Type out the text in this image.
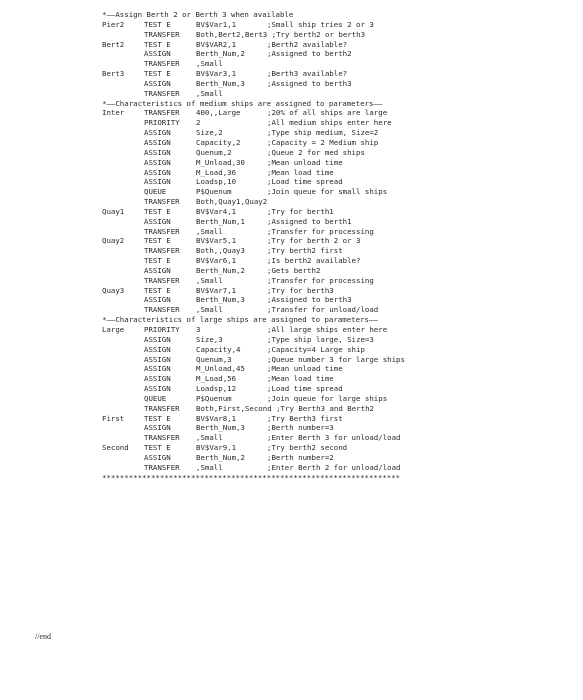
*——Assign Berth 2 or Berth 3 when available
Pier2	TEST E	BV$Var1,1	;Small ship tries 2 or 3
TRANSFER Both,Bert2,Bert3 ;Try berth2 or berth3
Bert2	TEST E	BV$VAR2,1	;Berth2 available?
ASSIGN	Berth_Num,2	;Assigned to berth2
TRANSFER ,Small
Bert3	TEST E	BV$Var3,1	;Berth3 available?
ASSIGN	Berth_Num,3	;Assigned to berth3
TRANSFER ,Small
*——Characteristics of medium ships are assigned to parameters——
Inter	TRANSFER 400,,Large	;20% of all ships are large
PRIORITY 2	;All medium ships enter here
ASSIGN	Size,2	;Type ship medium, Size=2
ASSIGN	Capacity,2	;Capacity = 2 Medium ship
ASSIGN	Quenum,2	;Queue 2 for med ships
ASSIGN	M_Unload,30	;Mean unload time
ASSIGN	M_Load,36	;Mean load time
ASSIGN	Loadsp,10	;Load time spread
QUEUE	P$Quenum	;Join queue for small ships
TRANSFER Both,Quay1,Quay2
Quay1	TEST E	BV$Var4,1	;Try for berth1
ASSIGN	Berth_Num,1	;Assigned to berth1
TRANSFER ,Small	;Transfer for processing
Quay2	TEST E	BV$Var5,1	;Try for berth 2 or 3
TRANSFER Both,,Quay3	;Try berth2 first
TEST E	BV$Var6,1	;Is berth2 available?
ASSIGN	Berth_Num,2	;Gets berth2
TRANSFER ,Small	;Transfer for processing
Quay3	TEST E	BV$Var7,1	;Try for berth3
ASSIGN	Berth_Num,3	;Assigned to berth3
TRANSFER ,Small	;Transfer for unload/load
*——Characteristics of large ships are assigned to parameters——
Large	PRIORITY 3	;All large ships enter here
ASSIGN	Size,3	;Type ship large, Size=3
ASSIGN	Capacity,4	;Capacity=4 Large ship
ASSIGN	Quenum,3	;Queue number 3 for large ships
ASSIGN	M_Unload,45	;Mean unload time
ASSIGN	M_Load,56	;Mean load time
ASSIGN	Loadsp,12	;Load time spread
QUEUE	P$Quenum	;Join queue for large ships
TRANSFER Both,First,Second ;Try Berth3 and Berth2
First	TEST E	BV$Var8,1	;Try Berth3 first
ASSIGN	Berth_Num,3	;Berth number=3
TRANSFER ,Small	;Enter Berth 3 for unload/load
Second TEST E	BV$Var9,1	;Try berth2 second
ASSIGN	Berth_Num,2	;Berth number=2
TRANSFER ,Small	;Enter Berth 2 for unload/load
*******************************************************************
//end
